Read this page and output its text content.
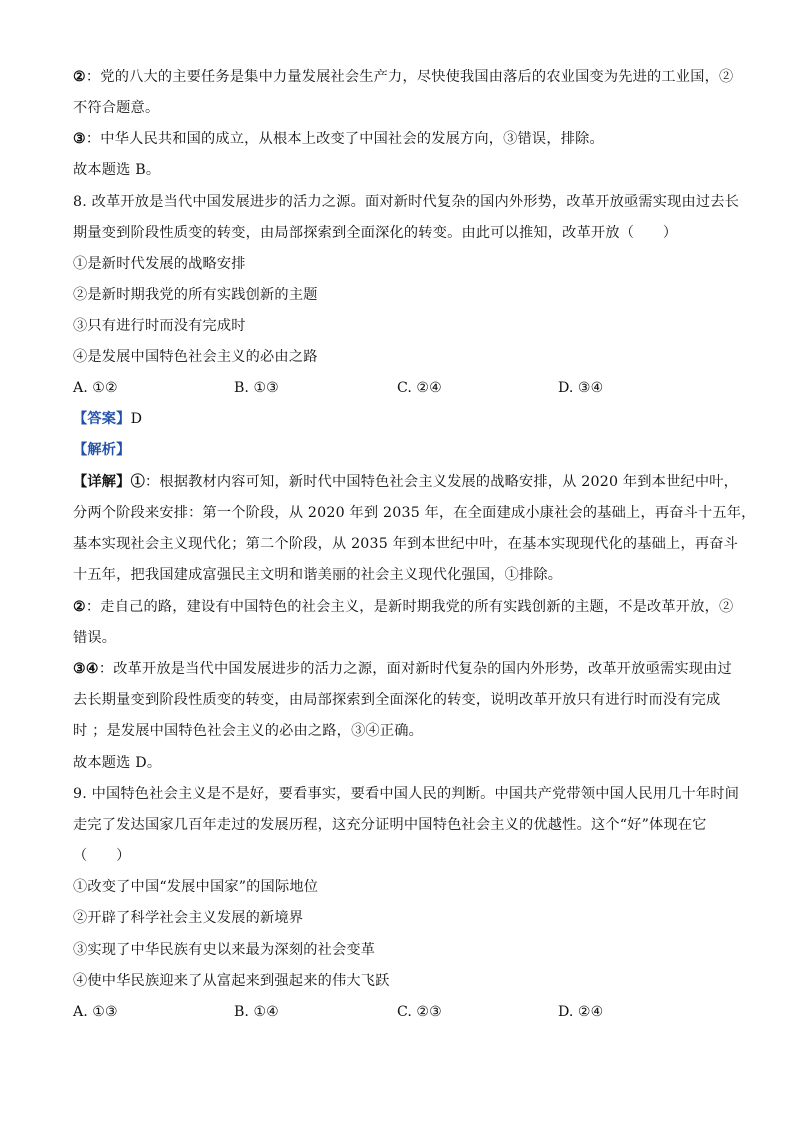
②：党的八大的主要任务是集中力量发展社会生产力，尽快使我国由落后的农业国变为先进的工业国，②
不符合题意。
③：中华人民共和国的成立，从根本上改变了中国社会的发展方向，③错误，排除。
故本题选 B。
8. 改革开放是当代中国发展进步的活力之源。面对新时代复杂的国内外形势，改革开放亟需实现由过去长
期量变到阶段性质变的转变，由局部探索到全面深化的转变。由此可以推知，改革开放（　　）
①是新时代发展的战略安排
②是新时期我党的所有实践创新的主题
③只有进行时而没有完成时
④是发展中国特色社会主义的必由之路
A. ①②	B. ①③	C. ②④	D. ③④
【答案】D
【解析】
【详解】①：根据教材内容可知，新时代中国特色社会主义发展的战略安排，从 2020 年到本世纪中叶，
分两个阶段来安排：第一个阶段，从 2020 年到 2035 年，在全面建成小康社会的基础上，再奋斗十五年，
基本实现社会主义现代化；第二个阶段，从 2035 年到本世纪中叶，在基本实现现代化的基础上，再奋斗
十五年，把我国建成富强民主文明和谐美丽的社会主义现代化强国，①排除。
②：走自己的路，建设有中国特色的社会主义，是新时期我党的所有实践创新的主题，不是改革开放，②
错误。
③④：改革开放是当代中国发展进步的活力之源，面对新时代复杂的国内外形势，改革开放亟需实现由过
去长期量变到阶段性质变的转变，由局部探索到全面深化的转变，说明改革开放只有进行时而没有完成
时 ；是发展中国特色社会主义的必由之路，③④正确。
故本题选 D。
9. 中国特色社会主义是不是好，要看事实，要看中国人民的判断。中国共产党带领中国人民用几十年时间
走完了发达国家几百年走过的发展历程，这充分证明中国特色社会主义的优越性。这个“好”体现在它
（　　）
①改变了中国“发展中国家”的国际地位
②开辟了科学社会主义发展的新境界
③实现了中华民族有史以来最为深刻的社会变革
④使中华民族迎来了从富起来到强起来的伟大飞跃
A. ①③	B. ①④	C. ②③	D. ②④
